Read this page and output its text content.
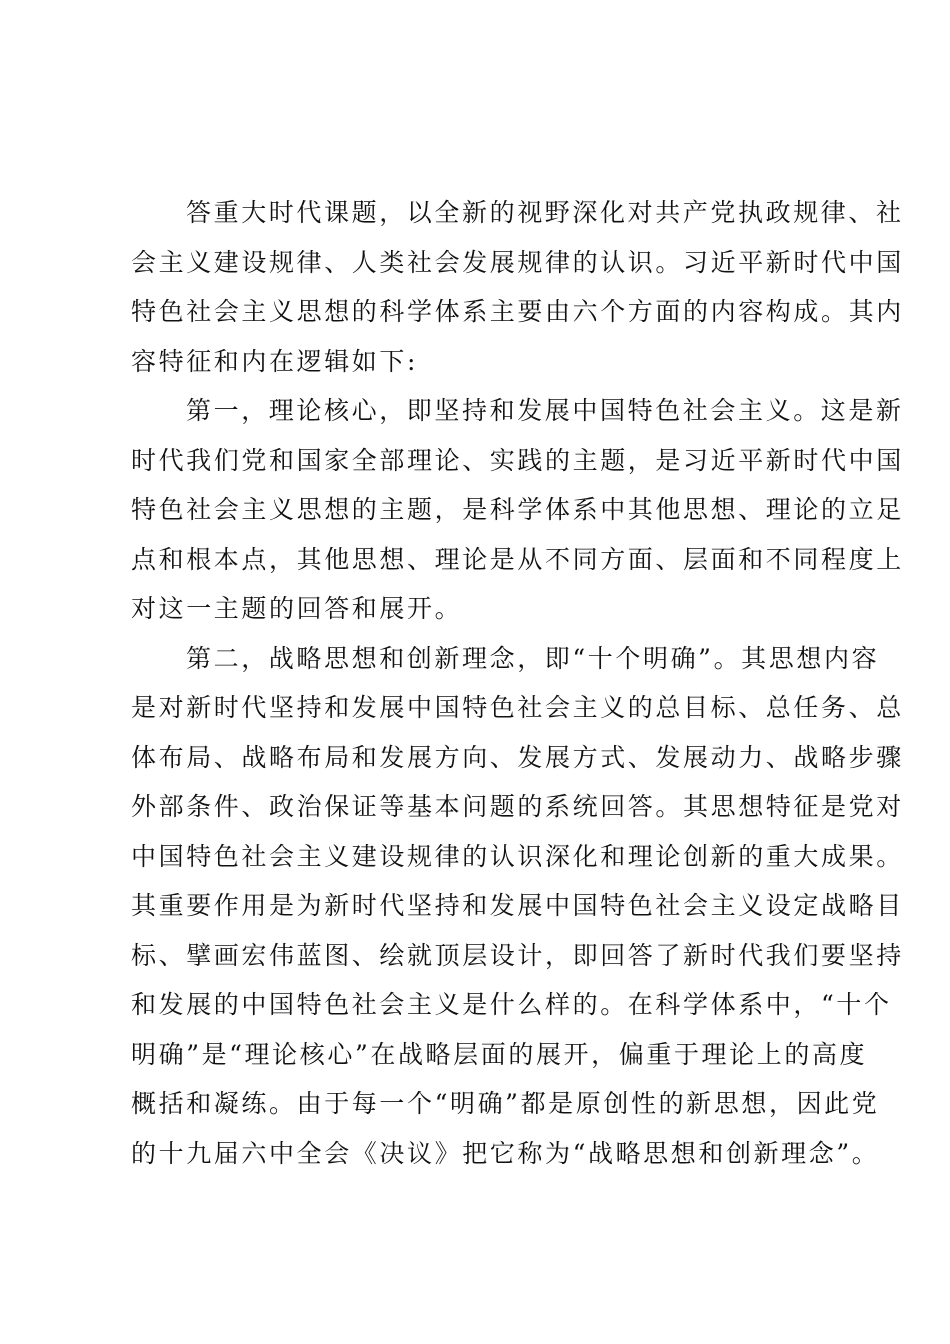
答重大时代课题，以全新的视野深化对共产党执政规律、社
会主义建设规律、人类社会发展规律的认识。习近平新时代中国
特色社会主义思想的科学体系主要由六个方面的内容构成。其内
容特征和内在逻辑如下:
第一，理论核心，即坚持和发展中国特色社会主义。这是新
时代我们党和国家全部理论、实践的主题，是习近平新时代中国
特色社会主义思想的主题，是科学体系中其他思想、理论的立足
点和根本点，其他思想、理论是从不同方面、层面和不同程度上
对这一主题的回答和展开。
第二，战略思想和创新理念，即“十个明确”。其思想内容
是对新时代坚持和发展中国特色社会主义的总目标、总任务、总
体布局、战略布局和发展方向、发展方式、发展动力、战略步骤
外部条件、政治保证等基本问题的系统回答。其思想特征是党对
中国特色社会主义建设规律的认识深化和理论创新的重大成果。
其重要作用是为新时代坚持和发展中国特色社会主义设定战略目
标、擘画宏伟蓝图、绘就顶层设计，即回答了新时代我们要坚持
和发展的中国特色社会主义是什么样的。在科学体系中，“十个
明确”是“理论核心”在战略层面的展开，偏重于理论上的高度
概括和凝练。由于每一个“明确”都是原创性的新思想，因此党
的十九届六中全会《决议》把它称为“战略思想和创新理念”。
